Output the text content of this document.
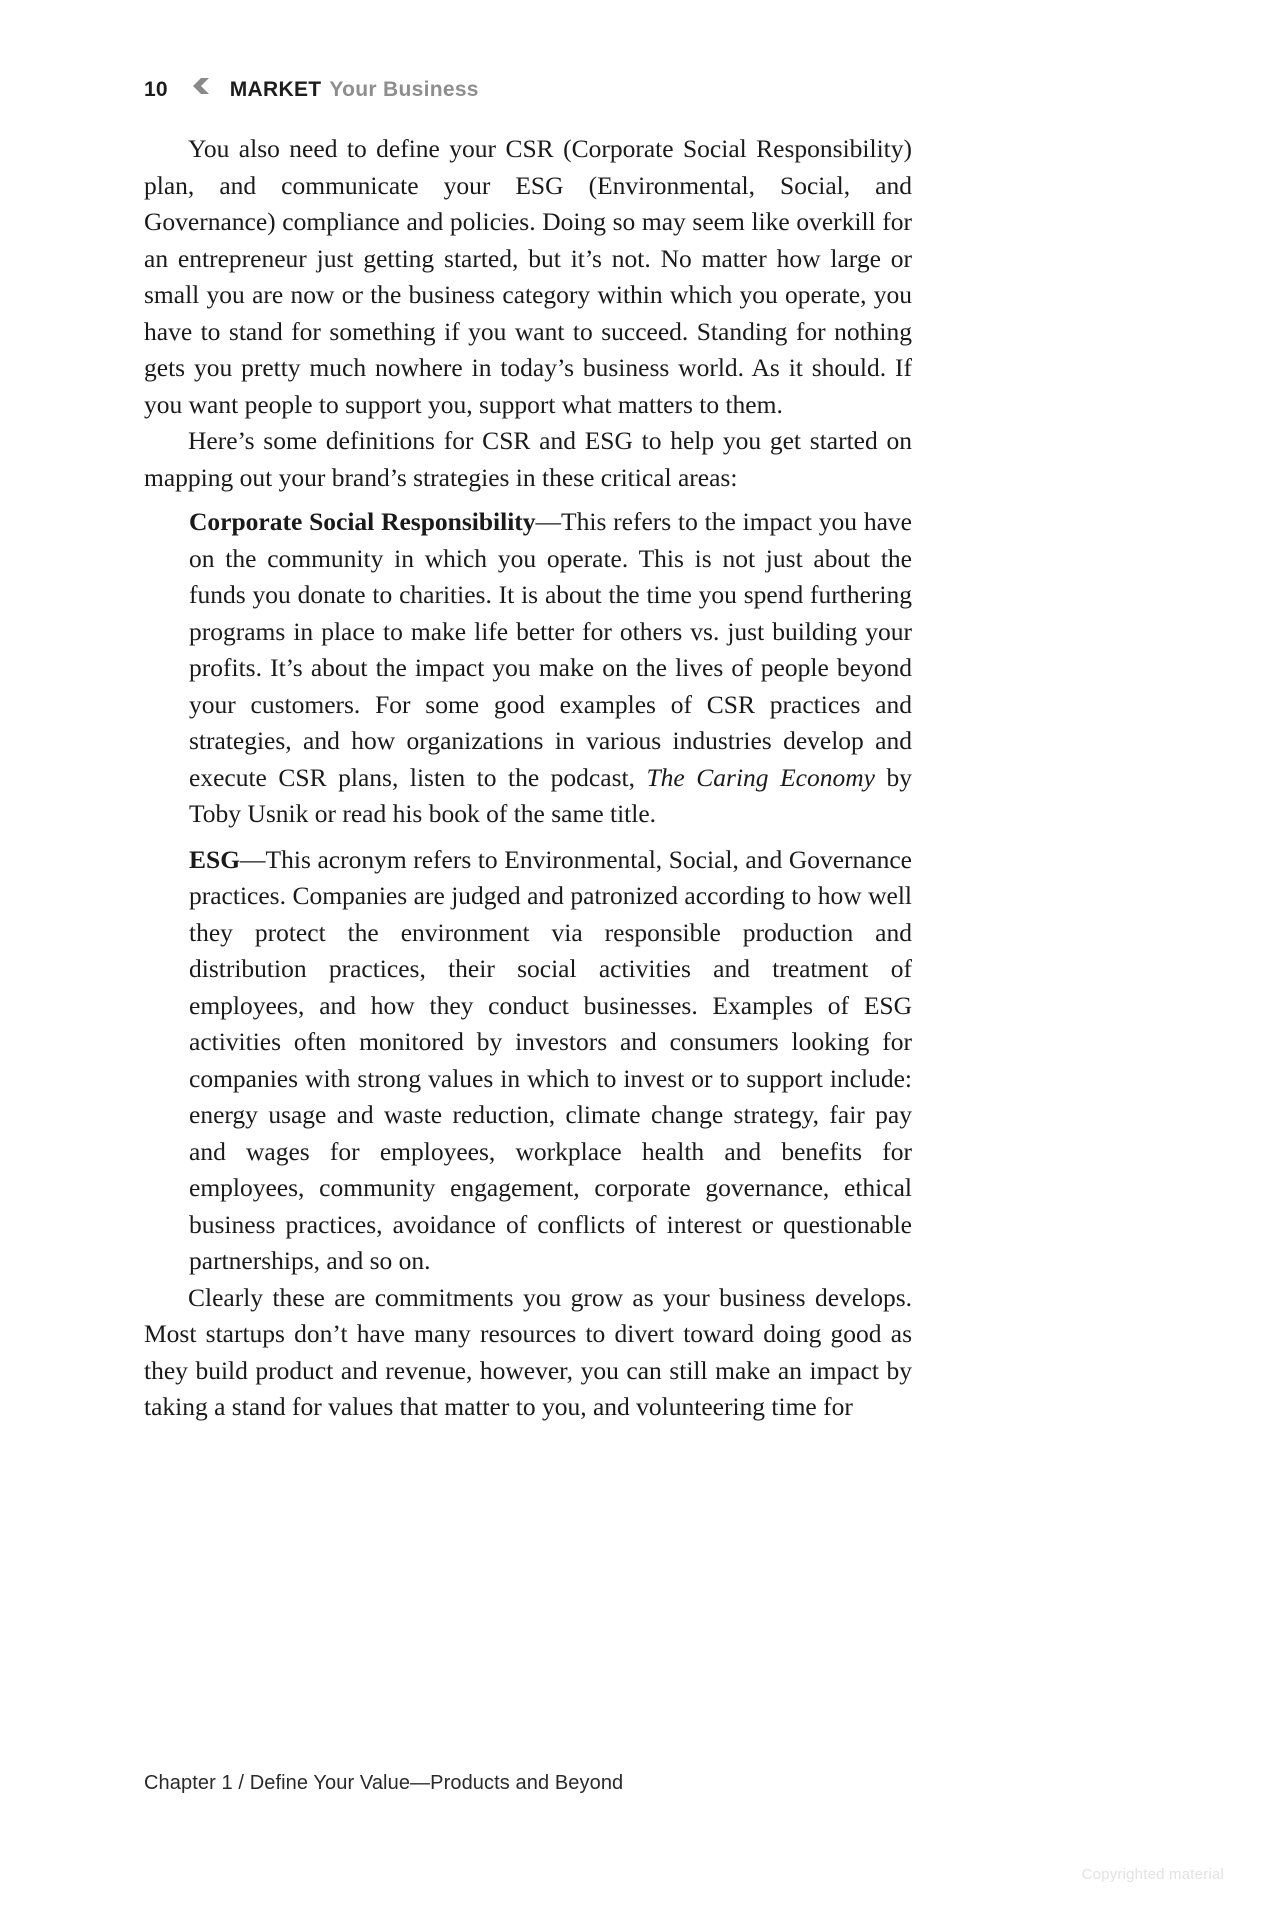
10	MARKET Your Business

You also need to define your CSR (Corporate Social Responsibility) plan, and communicate your ESG (Environmental, Social, and Governance) compliance and policies. Doing so may seem like overkill for an entrepreneur just getting started, but it’s not. No matter how large or small you are now or the business category within which you operate, you have to stand for something if you want to succeed. Standing for nothing gets you pretty much nowhere in today’s business world. As it should. If you want people to support you, support what matters to them.

Here’s some definitions for CSR and ESG to help you get started on mapping out your brand’s strategies in these critical areas:

Corporate Social Responsibility—This refers to the impact you have on the community in which you operate. This is not just about the funds you donate to charities. It is about the time you spend furthering programs in place to make life better for others vs. just building your profits. It’s about the impact you make on the lives of people beyond your customers. For some good examples of CSR practices and strategies, and how organizations in various industries develop and execute CSR plans, listen to the podcast, The Caring Economy by Toby Usnik or read his book of the same title.

ESG—This acronym refers to Environmental, Social, and Governance practices. Companies are judged and patronized according to how well they protect the environment via responsible production and distribution practices, their social activities and treatment of employees, and how they conduct businesses. Examples of ESG activities often monitored by investors and consumers looking for companies with strong values in which to invest or to support include: energy usage and waste reduction, climate change strategy, fair pay and wages for employees, workplace health and benefits for employees, community engagement, corporate governance, ethical business practices, avoidance of conflicts of interest or questionable partnerships, and so on.

Clearly these are commitments you grow as your business develops. Most startups don’t have many resources to divert toward doing good as they build product and revenue, however, you can still make an impact by taking a stand for values that matter to you, and volunteering time for

Chapter 1 / Define Your Value—Products and Beyond
Copyrighted material
